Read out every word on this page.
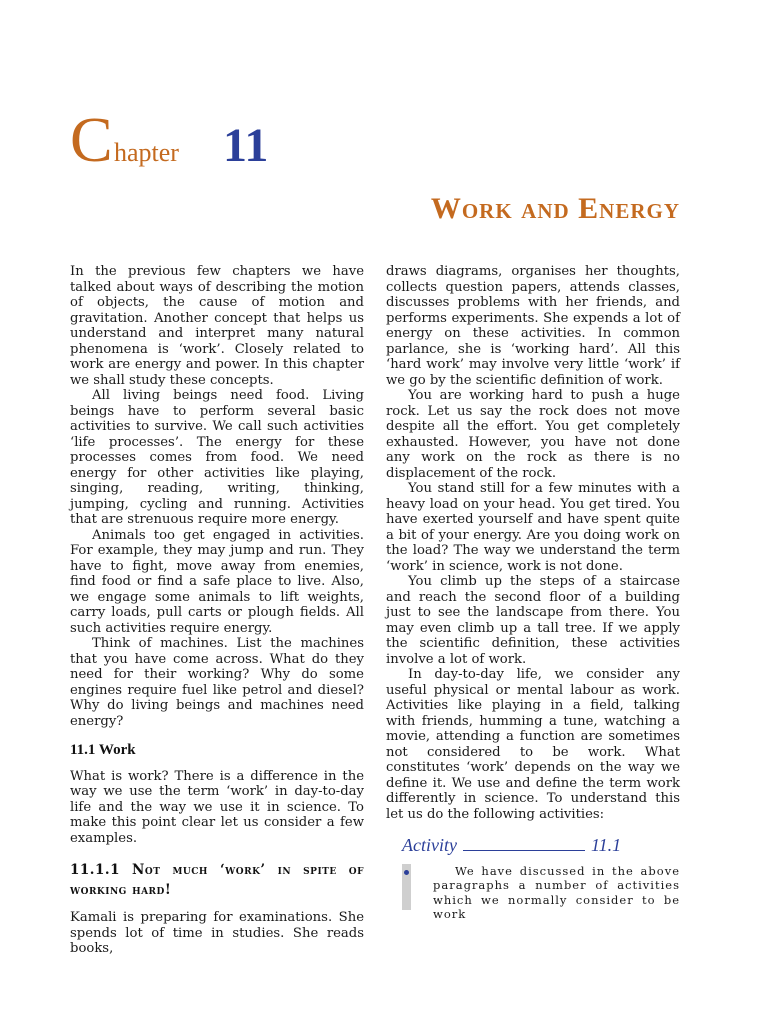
C hapter 11
Work and Energy

In the previous few chapters we have talked about ways of describing the motion of objects, the cause of motion and gravitation. Another concept that helps us understand and interpret many natural phenomena is ‘work’. Closely related to work are energy and power. In this chapter we shall study these concepts.

All living beings need food. Living beings have to perform several basic activities to survive. We call such activities ‘life processes’. The energy for these processes comes from food. We need energy for other activities like playing, singing, reading, writing, thinking, jumping, cycling and running. Activities that are strenuous require more energy.

Animals too get engaged in activities. For example, they may jump and run. They have to fight, move away from enemies, find food or find a safe place to live. Also, we engage some animals to lift weights, carry loads, pull carts or plough fields. All such activities require energy.

Think of machines. List the machines that you have come across. What do they need for their working? Why do some engines require fuel like petrol and diesel? Why do living beings and machines need energy?

11.1 Work

What is work? There is a difference in the way we use the term ‘work’ in day-to-day life and the way we use it in science. To make this point clear let us consider a few examples.

11.1.1 Not much ‘work’ in spite of working hard!

Kamali is preparing for examinations. She spends lot of time in studies. She reads books,

draws diagrams, organises her thoughts, collects question papers, attends classes, discusses problems with her friends, and performs experiments. She expends a lot of energy on these activities. In common parlance, she is ‘working hard’. All this ‘hard work’ may involve very little ‘work’ if we go by the scientific definition of work.

You are working hard to push a huge rock. Let us say the rock does not move despite all the effort. You get completely exhausted. However, you have not done any work on the rock as there is no displacement of the rock.

You stand still for a few minutes with a heavy load on your head. You get tired. You have exerted yourself and have spent quite a bit of your energy. Are you doing work on the load? The way we understand the term ‘work’ in science, work is not done.

You climb up the steps of a staircase and reach the second floor of a building just to see the landscape from there. You may even climb up a tall tree. If we apply the scientific definition, these activities involve a lot of work.

In day-to-day life, we consider any useful physical or mental labour as work. Activities like playing in a field, talking with friends, humming a tune, watching a movie, attending a function are sometimes not considered to be work. What constitutes ‘work’ depends on the way we define it. We use and define the term work differently in science. To understand this let us do the following activities:

Activity	11.1

We have discussed in the above paragraphs a number of activities which we normally consider to be work
